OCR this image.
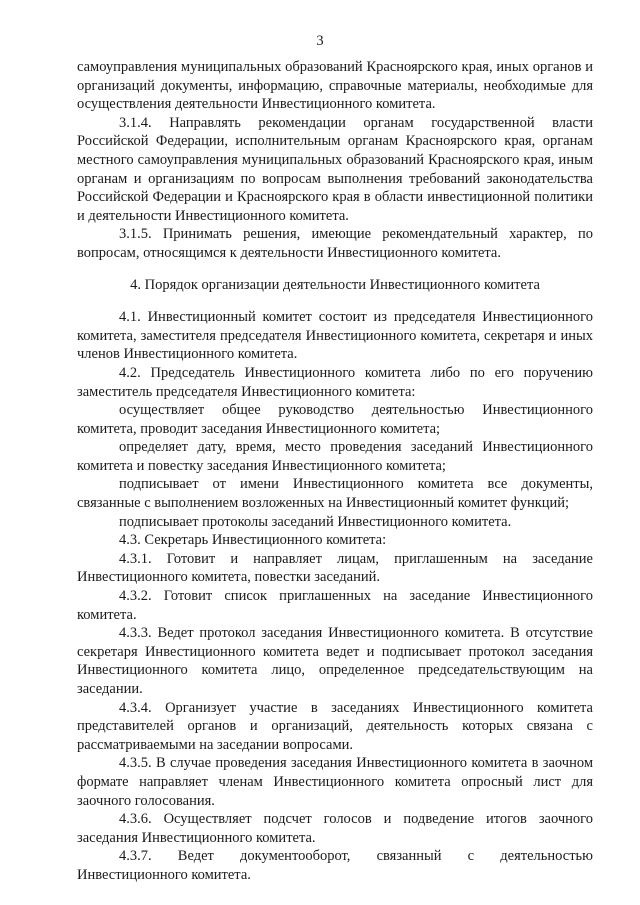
3

самоуправления муниципальных образований Красноярского края, иных органов и организаций документы, информацию, справочные материалы, необходимые для осуществления деятельности Инвестиционного комитета.

3.1.4. Направлять рекомендации органам государственной власти Российской Федерации, исполнительным органам Красноярского края, органам местного самоуправления муниципальных образований Красноярского края, иным органам и организациям по вопросам выполнения требований законодательства Российской Федерации и Красноярского края в области инвестиционной политики и деятельности Инвестиционного комитета.

3.1.5. Принимать решения, имеющие рекомендательный характер, по вопросам, относящимся к деятельности Инвестиционного комитета.

4. Порядок организации деятельности Инвестиционного комитета

4.1. Инвестиционный комитет состоит из председателя Инвестиционного комитета, заместителя председателя Инвестиционного комитета, секретаря и иных членов Инвестиционного комитета.

4.2. Председатель Инвестиционного комитета либо по его поручению заместитель председателя Инвестиционного комитета:

осуществляет общее руководство деятельностью Инвестиционного комитета, проводит заседания Инвестиционного комитета;

определяет дату, время, место проведения заседаний Инвестиционного комитета и повестку заседания Инвестиционного комитета;

подписывает от имени Инвестиционного комитета все документы, связанные с выполнением возложенных на Инвестиционный комитет функций;

подписывает протоколы заседаний Инвестиционного комитета.

4.3. Секретарь Инвестиционного комитета:

4.3.1. Готовит и направляет лицам, приглашенным на заседание Инвестиционного комитета, повестки заседаний.

4.3.2. Готовит список приглашенных на заседание Инвестиционного комитета.

4.3.3. Ведет протокол заседания Инвестиционного комитета. В отсутствие секретаря Инвестиционного комитета ведет и подписывает протокол заседания Инвестиционного комитета лицо, определенное председательствующим на заседании.

4.3.4. Организует участие в заседаниях Инвестиционного комитета представителей органов и организаций, деятельность которых связана с рассматриваемыми на заседании вопросами.

4.3.5. В случае проведения заседания Инвестиционного комитета в заочном формате направляет членам Инвестиционного комитета опросный лист для заочного голосования.

4.3.6. Осуществляет подсчет голосов и подведение итогов заочного заседания Инвестиционного комитета.

4.3.7. Ведет документооборот, связанный с деятельностью Инвестиционного комитета.
